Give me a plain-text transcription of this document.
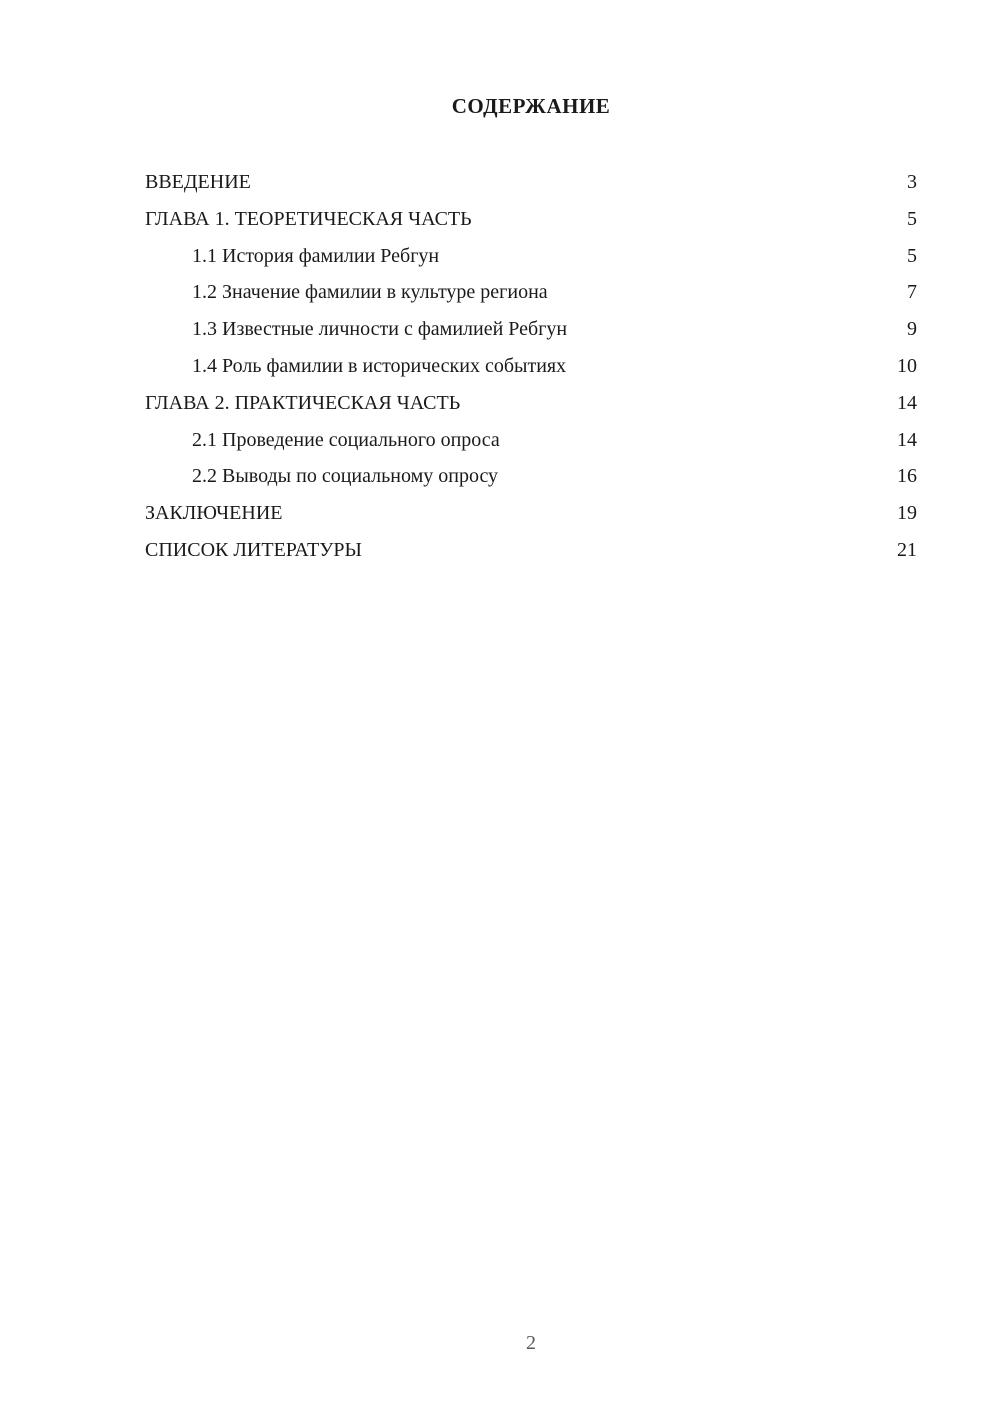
СОДЕРЖАНИЕ
ВВЕДЕНИЕ	3
ГЛАВА 1. ТЕОРЕТИЧЕСКАЯ ЧАСТЬ	5
1.1 История фамилии Ребгун	5
1.2 Значение фамилии в культуре региона	7
1.3 Известные личности с фамилией Ребгун	9
1.4 Роль фамилии в исторических событиях	10
ГЛАВА 2. ПРАКТИЧЕСКАЯ ЧАСТЬ	14
2.1 Проведение социального опроса	14
2.2 Выводы по социальному опросу	16
ЗАКЛЮЧЕНИЕ	19
СПИСОК ЛИТЕРАТУРЫ	21
2
